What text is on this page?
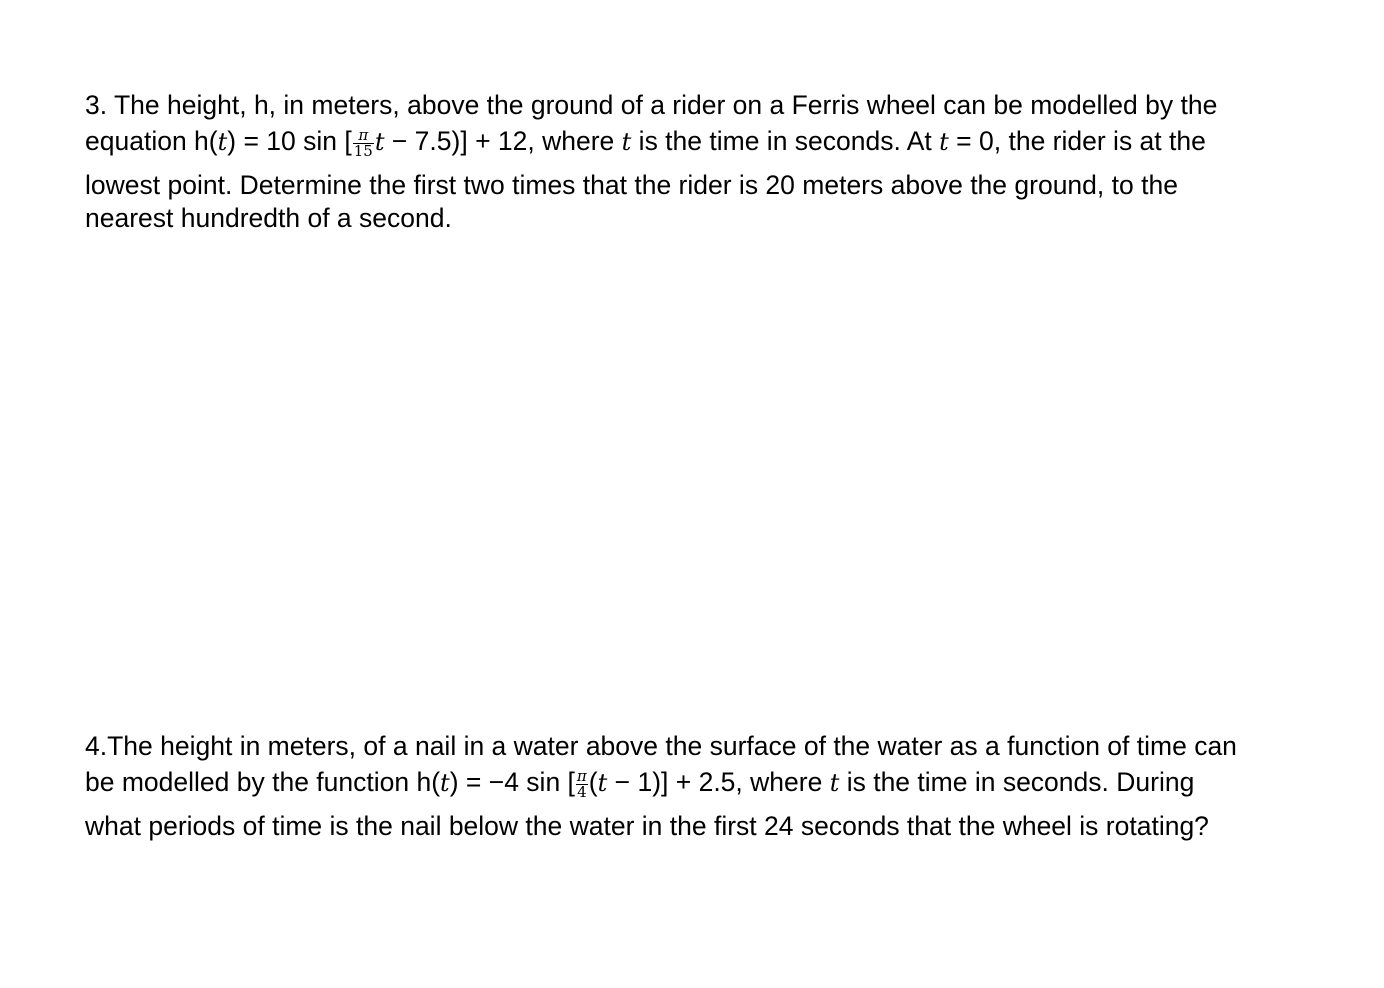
3. The height, h, in meters, above the ground of a rider on a Ferris wheel can be modelled by the
equation h(t) = 10 sin [ $\frac{\pi}{15}$ t − 7.5)] + 12, where t is the time in seconds. At t = 0, the rider is at the
lowest point. Determine the first two times that the rider is 20 meters above the ground, to the
nearest hundredth of a second.
4.The height in meters, of a nail in a water above the surface of the water as a function of time can
be modelled by the function h(t) = −4 sin [ $\frac{\pi}{4} (t - 1)] + 2.5$, where t is the time in seconds. During
what periods of time is the nail below the water in the first 24 seconds that the wheel is rotating?
